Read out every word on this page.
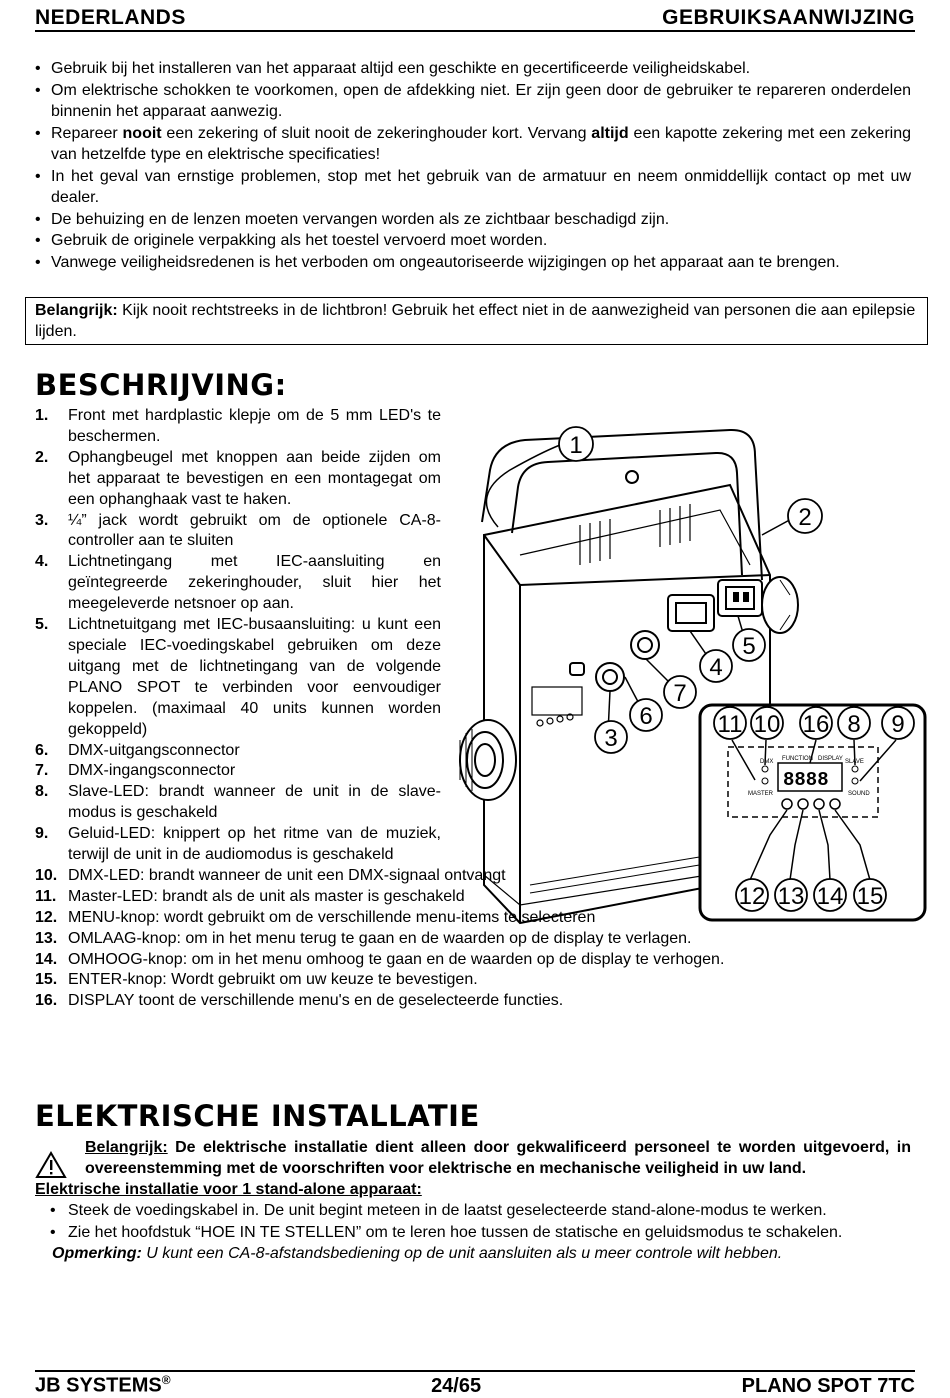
NEDERLANDS	GEBRUIKSAANWIJZING
• Gebruik bij het installeren van het apparaat altijd een geschikte en gecertificeerde veiligheidskabel.
• Om elektrische schokken te voorkomen, open de afdekking niet. Er zijn geen door de gebruiker te repareren onderdelen binnenin het apparaat aanwezig.
• Repareer nooit een zekering of sluit nooit de zekeringhouder kort. Vervang altijd een kapotte zekering met een zekering van hetzelfde type en elektrische specificaties!
• In het geval van ernstige problemen, stop met het gebruik van de armatuur en neem onmiddellijk contact op met uw dealer.
• De behuizing en de lenzen moeten vervangen worden als ze zichtbaar beschadigd zijn.
• Gebruik de originele verpakking als het toestel vervoerd moet worden.
• Vanwege veiligheidsredenen is het verboden om ongeautoriseerde wijzigingen op het apparaat aan te brengen.
Belangrijk: Kijk nooit rechtstreeks in de lichtbron! Gebruik het effect niet in de aanwezigheid van personen die aan epilepsie lijden.
BESCHRIJVING:
1. Front met hardplastic klepje om de 5 mm LED's te beschermen.
2. Ophangbeugel met knoppen aan beide zijden om het apparaat te bevestigen en een montagegat om een ophanghaak vast te haken.
3. ¼” jack wordt gebruikt om de optionele CA-8-controller aan te sluiten
4. Lichtnetingang met IEC-aansluiting en geïntegreerde zekeringhouder, sluit hier het meegeleverde netsnoer op aan.
5. Lichtnetuitgang met IEC-busaansluiting: u kunt een speciale IEC-voedingskabel gebruiken om deze uitgang met de lichtnetingang van de volgende PLANO SPOT te verbinden voor eenvoudiger koppelen. (maximaal 40 units kunnen worden gekoppeld)
6. DMX-uitgangsconnector
7. DMX-ingangsconnector
8. Slave-LED: brandt wanneer de unit in de slave-modus is geschakeld
9. Geluid-LED: knippert op het ritme van de muziek, terwijl de unit in de audiomodus is geschakeld
10. DMX-LED: brandt wanneer de unit een DMX-signaal ontvangt
11. Master-LED: brandt als de unit als master is geschakeld
12. MENU-knop: wordt gebruikt om de verschillende menu-items te selecteren
13. OMLAAG-knop: om in het menu terug te gaan en de waarden op de display te verlagen.
14. OMHOOG-knop: om in het menu omhoog te gaan en de waarden op de display te verhogen.
15. ENTER-knop: Wordt gebruikt om uw keuze te bevestigen.
16. DISPLAY toont de verschillende menu's en de geselecteerde functies.
FUNCTION DISPLAY
DMX	SLAVE
MASTER	SOUND
8888
1
2
3
4
5
6
7
8 9
10
11
12 13 14 15
16
ELEKTRISCHE INSTALLATIE
Belangrijk: De elektrische installatie dient alleen door gekwalificeerd personeel te worden uitgevoerd, in overeenstemming met de voorschriften voor elektrische en mechanische veiligheid in uw land.
Elektrische installatie voor 1 stand-alone apparaat:
• Steek de voedingskabel in. De unit begint meteen in de laatst geselecteerde stand-alone-modus te werken.
• Zie het hoofdstuk “HOE IN TE STELLEN” om te leren hoe tussen de statische en geluidsmodus te schakelen.
Opmerking: U kunt een CA-8-afstandsbediening op de unit aansluiten als u meer controle wilt hebben.
JB SYSTEMS®	24/65	PLANO SPOT 7TC
